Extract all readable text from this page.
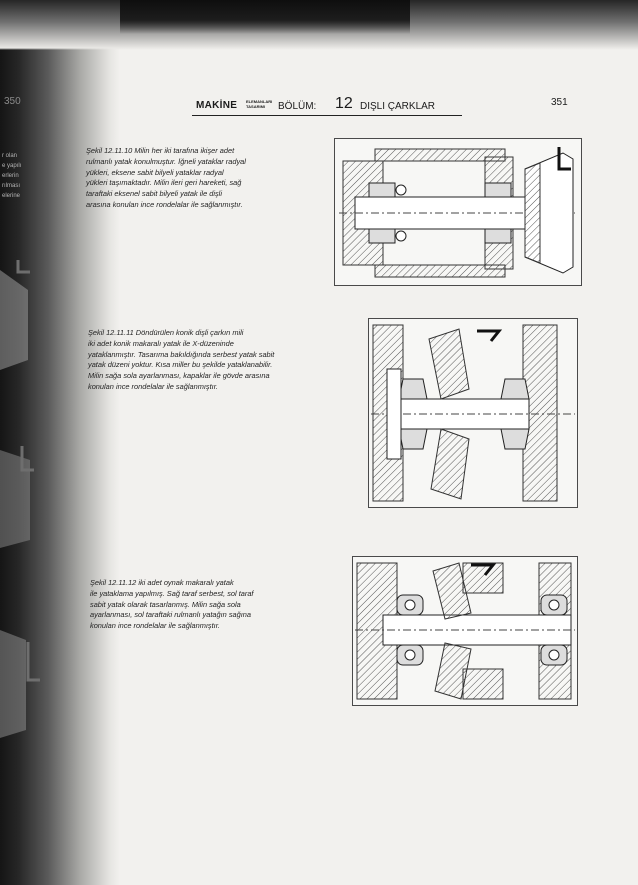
350
r olan
e yapılı
erlerin
rılması
elerine
MAKİNE ELEMANLARI
TASARIMI	BÖLÜM: 12 DIŞLI ÇARKLAR	351
Şekil 12.11.10 Milin her iki tarafına ikişer adet
rulmanlı yatak konulmuştur. İğneli yataklar radyal
yükleri, eksene sabit bilyeli yataklar radyal
yükleri taşımaktadır. Milin ileri geri hareketi, sağ
taraftaki eksenel sabit bilyeli yatak ile dişli
arasına konulan ince rondelalar ile sağlanmıştır.
Şekil 12.11.11 Döndürülen konik dişli çarkın mili
iki adet konik makaralı yatak ile X-düzeninde
yataklanmıştır. Tasarıma bakıldığında serbest yatak sabit
yatak düzeni yoktur. Kısa miller bu şekilde yataklanabilir.
Milin sağa sola ayarlanması, kapaklar ile gövde arasına
konulan ince rondelalar ile sağlanmıştır.
Şekil 12.11.12 iki adet oynak makaralı yatak
ile yataklama yapılmış. Sağ taraf serbest, sol taraf
sabit yatak olarak tasarlanmış. Milin sağa sola
ayarlanması, sol taraftaki rulmanlı yatağın sağına
konulan ince rondelalar ile sağlanmıştır.
